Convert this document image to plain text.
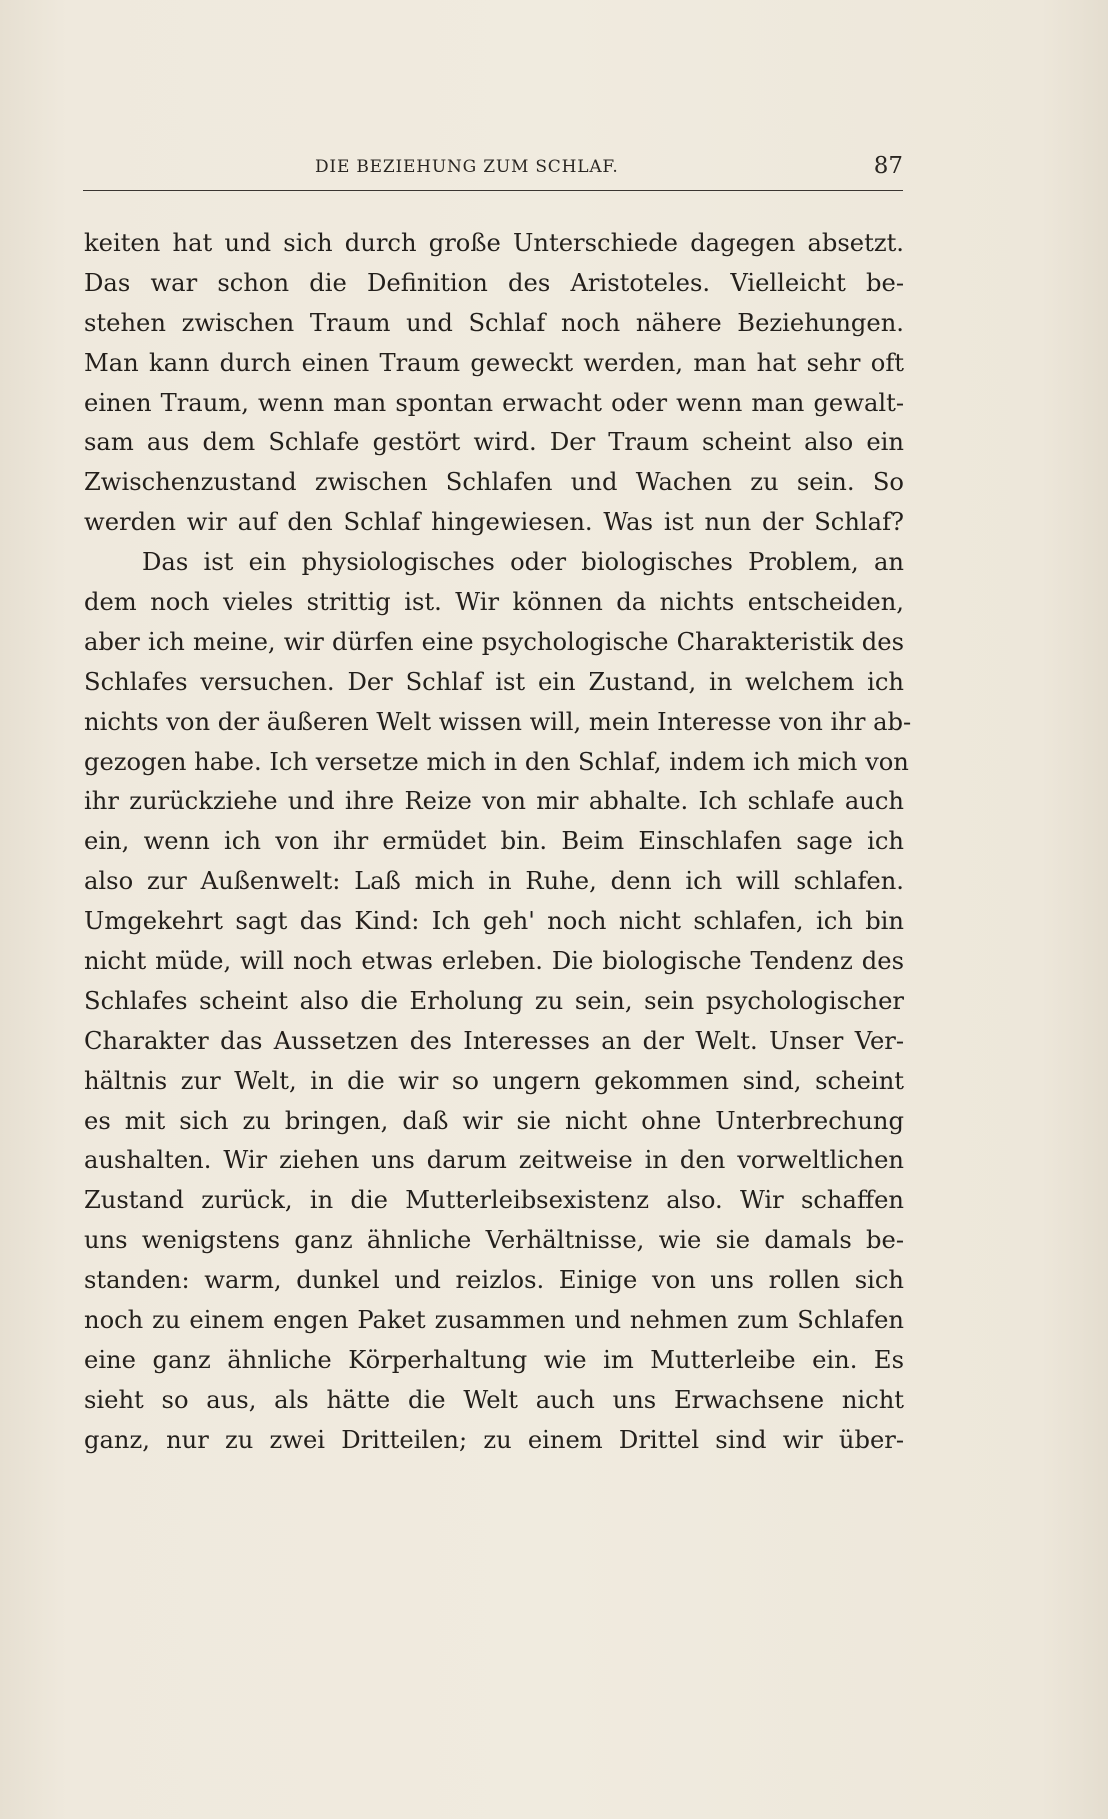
DIE BEZIEHUNG ZUM SCHLAF.	87
keiten hat und sich durch große Unterschiede dagegen absetzt.
Das war schon die Definition des Aristoteles. Vielleicht be-
stehen zwischen Traum und Schlaf noch nähere Beziehungen.
Man kann durch einen Traum geweckt werden, man hat sehr oft
einen Traum, wenn man spontan erwacht oder wenn man gewalt-
sam aus dem Schlafe gestört wird. Der Traum scheint also ein
Zwischenzustand zwischen Schlafen und Wachen zu sein. So
werden wir auf den Schlaf hingewiesen. Was ist nun der Schlaf?
Das ist ein physiologisches oder biologisches Problem, an
dem noch vieles strittig ist. Wir können da nichts entscheiden,
aber ich meine, wir dürfen eine psychologische Charakteristik des
Schlafes versuchen. Der Schlaf ist ein Zustand, in welchem ich
nichts von der äußeren Welt wissen will, mein Interesse von ihr ab-
gezogen habe. Ich versetze mich in den Schlaf, indem ich mich von
ihr zurückziehe und ihre Reize von mir abhalte. Ich schlafe auch
ein, wenn ich von ihr ermüdet bin. Beim Einschlafen sage ich
also zur Außenwelt: Laß mich in Ruhe, denn ich will schlafen.
Umgekehrt sagt das Kind: Ich geh' noch nicht schlafen, ich bin
nicht müde, will noch etwas erleben. Die biologische Tendenz des
Schlafes scheint also die Erholung zu sein, sein psychologischer
Charakter das Aussetzen des Interesses an der Welt. Unser Ver-
hältnis zur Welt, in die wir so ungern gekommen sind, scheint
es mit sich zu bringen, daß wir sie nicht ohne Unterbrechung
aushalten. Wir ziehen uns darum zeitweise in den vorweltlichen
Zustand zurück, in die Mutterleibsexistenz also. Wir schaffen
uns wenigstens ganz ähnliche Verhältnisse, wie sie damals be-
standen: warm, dunkel und reizlos. Einige von uns rollen sich
noch zu einem engen Paket zusammen und nehmen zum Schlafen
eine ganz ähnliche Körperhaltung wie im Mutterleibe ein. Es
sieht so aus, als hätte die Welt auch uns Erwachsene nicht
ganz, nur zu zwei Dritteilen; zu einem Drittel sind wir über-
